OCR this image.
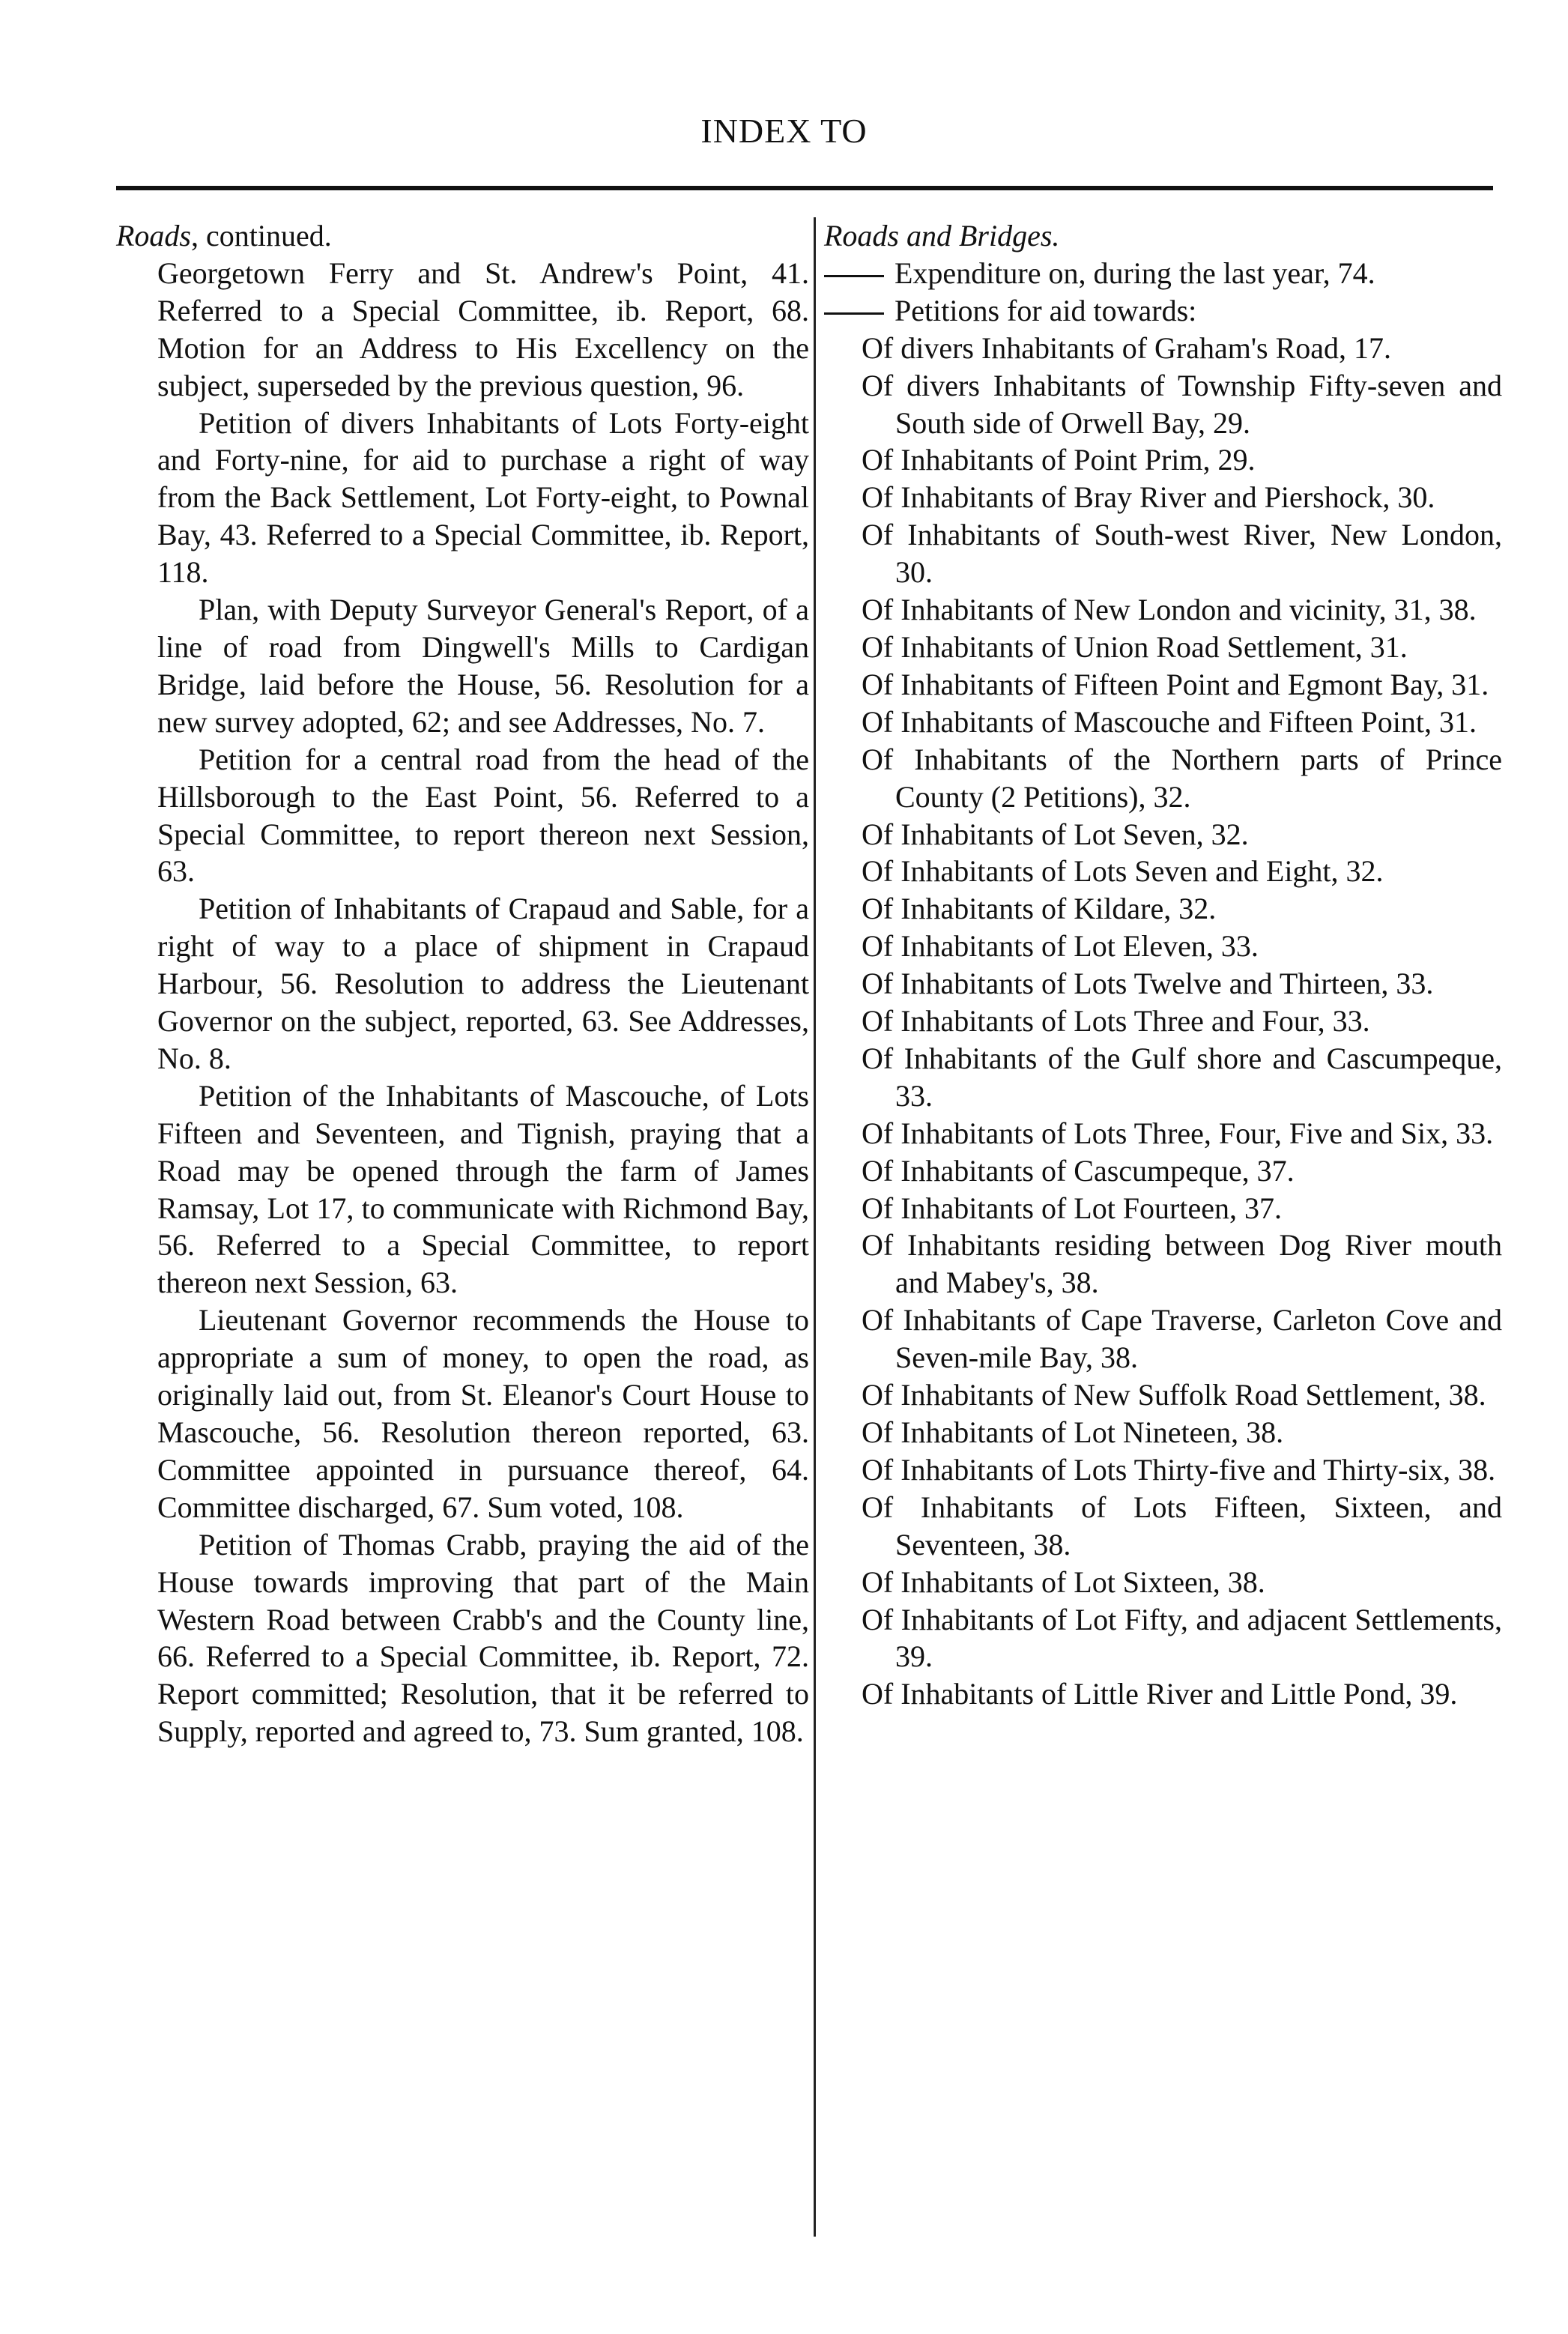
INDEX TO

Roads, continued.

Georgetown Ferry and St. Andrew's Point, 41. Referred to a Special Committee, ib. Report, 68. Motion for an Address to His Excellency on the subject, superseded by the previous question, 96.

Petition of divers Inhabitants of Lots Forty-eight and Forty-nine, for aid to purchase a right of way from the Back Settlement, Lot Forty-eight, to Pownal Bay, 43. Referred to a Special Committee, ib. Report, 118.

Plan, with Deputy Surveyor General's Report, of a line of road from Dingwell's Mills to Cardigan Bridge, laid before the House, 56. Resolution for a new survey adopted, 62; and see Addresses, No. 7.

Petition for a central road from the head of the Hillsborough to the East Point, 56. Referred to a Special Committee, to report thereon next Session, 63.

Petition of Inhabitants of Crapaud and Sable, for a right of way to a place of shipment in Crapaud Harbour, 56. Resolution to address the Lieutenant Governor on the subject, reported, 63. See Addresses, No. 8.

Petition of the Inhabitants of Mascouche, of Lots Fifteen and Seventeen, and Tignish, praying that a Road may be opened through the farm of James Ramsay, Lot 17, to communicate with Richmond Bay, 56. Referred to a Special Committee, to report thereon next Session, 63.

Lieutenant Governor recommends the House to appropriate a sum of money, to open the road, as originally laid out, from St. Eleanor's Court House to Mascouche, 56. Resolution thereon reported, 63. Committee appointed in pursuance thereof, 64. Committee discharged, 67. Sum voted, 108.

Petition of Thomas Crabb, praying the aid of the House towards improving that part of the Main Western Road between Crabb's and the County line, 66. Referred to a Special Committee, ib. Report, 72. Report committed; Resolution, that it be referred to Supply, reported and agreed to, 73. Sum granted, 108.

Roads and Bridges.

Expenditure on, during the last year, 74.

Petitions for aid towards:

Of divers Inhabitants of Graham's Road, 17.

Of divers Inhabitants of Township Fifty-seven and South side of Orwell Bay, 29.

Of Inhabitants of Point Prim, 29.

Of Inhabitants of Bray River and Piershock, 30.

Of Inhabitants of South-west River, New London, 30.

Of Inhabitants of New London and vicinity, 31, 38.

Of Inhabitants of Union Road Settlement, 31.

Of Inhabitants of Fifteen Point and Egmont Bay, 31.

Of Inhabitants of Mascouche and Fifteen Point, 31.

Of Inhabitants of the Northern parts of Prince County (2 Petitions), 32.

Of Inhabitants of Lot Seven, 32.

Of Inhabitants of Lots Seven and Eight, 32.

Of Inhabitants of Kildare, 32.

Of Inhabitants of Lot Eleven, 33.

Of Inhabitants of Lots Twelve and Thirteen, 33.

Of Inhabitants of Lots Three and Four, 33.

Of Inhabitants of the Gulf shore and Cascumpeque, 33.

Of Inhabitants of Lots Three, Four, Five and Six, 33.

Of Inhabitants of Cascumpeque, 37.

Of Inhabitants of Lot Fourteen, 37.

Of Inhabitants residing between Dog River mouth and Mabey's, 38.

Of Inhabitants of Cape Traverse, Carleton Cove and Seven-mile Bay, 38.

Of Inhabitants of New Suffolk Road Settlement, 38.

Of Inhabitants of Lot Nineteen, 38.

Of Inhabitants of Lots Thirty-five and Thirty-six, 38.

Of Inhabitants of Lots Fifteen, Sixteen, and Seventeen, 38.

Of Inhabitants of Lot Sixteen, 38.

Of Inhabitants of Lot Fifty, and adjacent Settlements, 39.

Of Inhabitants of Little River and Little Pond, 39.
